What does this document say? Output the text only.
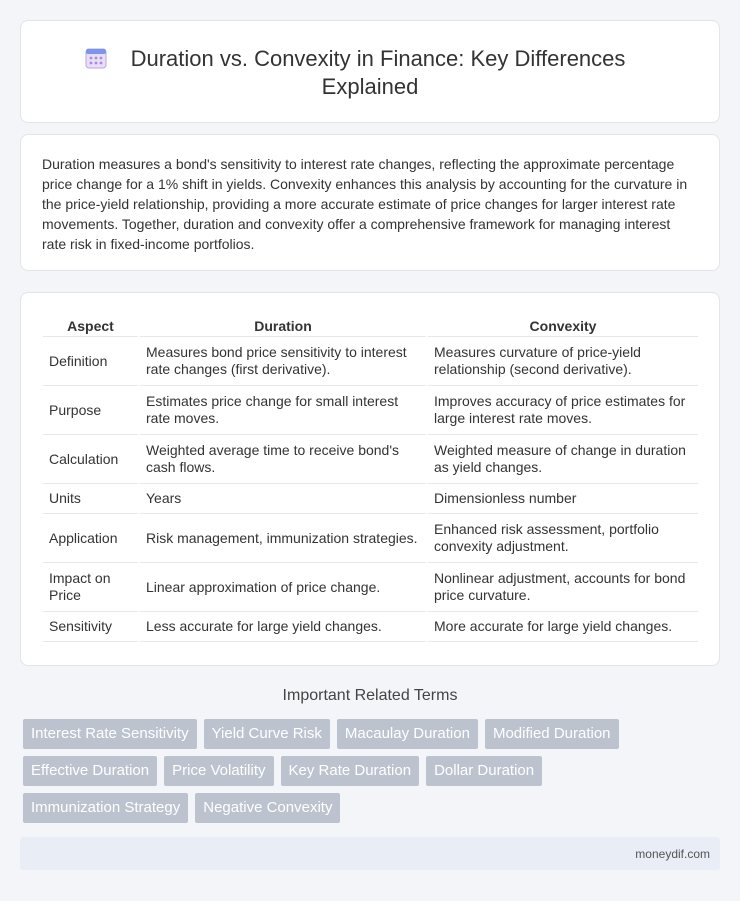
Duration vs. Convexity in Finance: Key Differences
Explained

Duration measures a bond's sensitivity to interest rate changes, reflecting the approximate percentage price change for a 1% shift in yields. Convexity enhances this analysis by accounting for the curvature in the price-yield relationship, providing a more accurate estimate of price changes for larger interest rate movements. Together, duration and convexity offer a comprehensive framework for managing interest rate risk in fixed-income portfolios.

Aspect	Duration	Convexity
Definition	Measures bond price sensitivity to interest rate changes (first derivative).	Measures curvature of price-yield relationship (second derivative).
Purpose	Estimates price change for small interest rate moves.	Improves accuracy of price estimates for large interest rate moves.
Calculation	Weighted average time to receive bond's cash flows.	Weighted measure of change in duration as yield changes.
Units	Years	Dimensionless number
Application	Risk management, immunization strategies.	Enhanced risk assessment, portfolio convexity adjustment.
Impact on Price	Linear approximation of price change.	Nonlinear adjustment, accounts for bond price curvature.
Sensitivity	Less accurate for large yield changes.	More accurate for large yield changes.
Important Related Terms
Interest Rate Sensitivity	Yield Curve Risk	Macaulay Duration	Modified Duration
Effective Duration	Price Volatility	Key Rate Duration	Dollar Duration
Immunization Strategy	Negative Convexity
moneydif.com
